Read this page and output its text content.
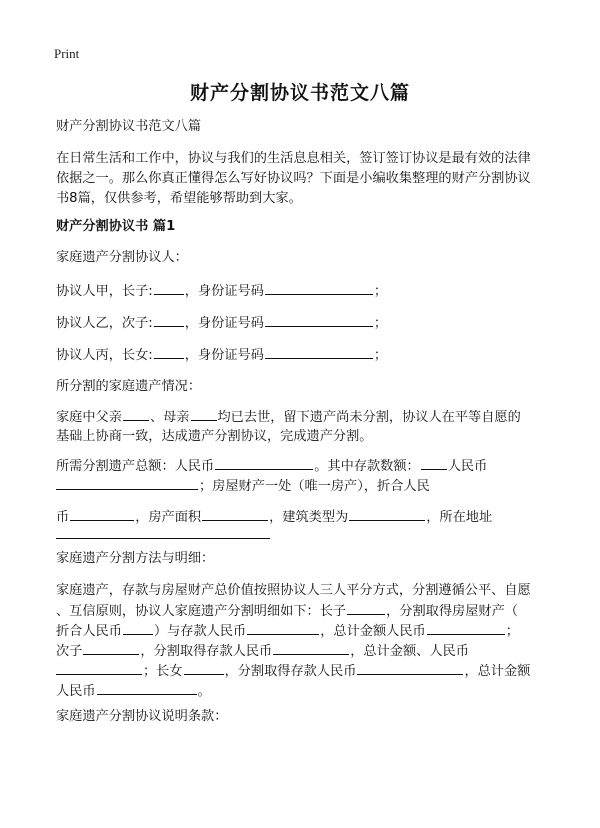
Print
财产分割协议书范文八篇
财产分割协议书范文八篇
在日常生活和工作中，协议与我们的生活息息相关，签订签订协议是最有效的法律
依据之一。那么你真正懂得怎么写好协议吗？下面是小编收集整理的财产分割协议
书8篇，仅供参考，希望能够帮助到大家。
财产分割协议书 篇1
家庭遗产分割协议人：
协议人甲，长子: ，身份证号码	；
协议人乙，次子: ，身份证号码	；
协议人丙，长女: ，身份证号码	；
所分割的家庭遗产情况：
家庭中父亲 、母亲 均已去世，留下遗产尚未分割，协议人在平等自愿的
基础上协商一致，达成遗产分割协议，完成遗产分割。
所需分割遗产总额：人民币	。其中存款数额： 人民币
；房屋财产一处（唯一房产），折合人民
币	，房产面积	，建筑类型为	，所在地址
家庭遗产分割方法与明细：
家庭遗产，存款与房屋财产总价值按照协议人三人平分方式，分割遵循公平、自愿
、互信原则，协议人家庭遗产分割明细如下：长子	，分割取得房屋财产（
折合人民币 ）与存款人民币	，总计金额人民币	；
次子	，分割取得存款人民币	，总计金额、人民币
；长女	，分割取得存款人民币	，总计金额
人民币	。
家庭遗产分割协议说明条款：
